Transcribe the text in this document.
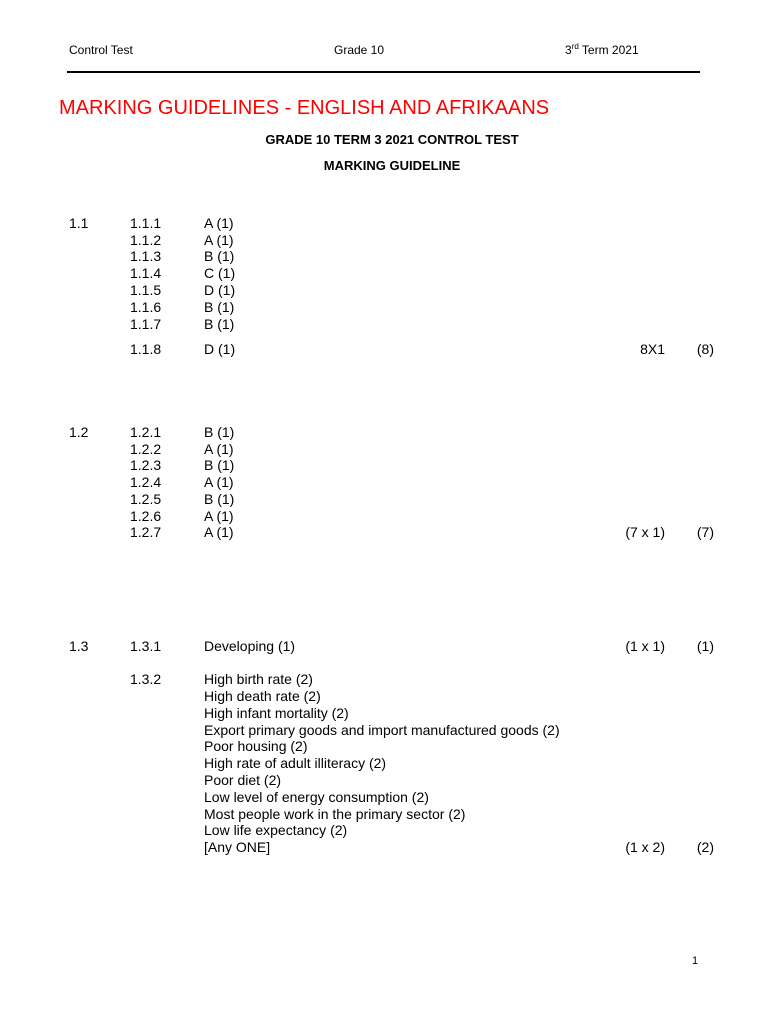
Control Test	Grade 10	3rd Term 2021
MARKING GUIDELINES - ENGLISH AND AFRIKAANS
GRADE 10 TERM 3 2021 CONTROL TEST
MARKING GUIDELINE
1.1	1.1.1	A (1)
1.1.2	A (1)
1.1.3	B (1)
1.1.4	C (1)
1.1.5	D (1)
1.1.6	B (1)
1.1.7	B (1)
1.1.8	D (1)	8X1	(8)
1.2	1.2.1	B (1)
1.2.2	A (1)
1.2.3	B (1)
1.2.4	A (1)
1.2.5	B (1)
1.2.6	A (1)
1.2.7	A (1)	(7 x 1)	(7)
1.3	1.3.1	Developing (1)	(1 x 1)	(1)
1.3.2	High birth rate (2)
High death rate (2)
High infant mortality (2)
Export primary goods and import manufactured goods (2)
Poor housing (2)
High rate of adult illiteracy (2)
Poor diet (2)
Low level of energy consumption (2)
Most people work in the primary sector (2)
Low life expectancy (2)
[Any ONE]	(1 x 2)	(2)
1
